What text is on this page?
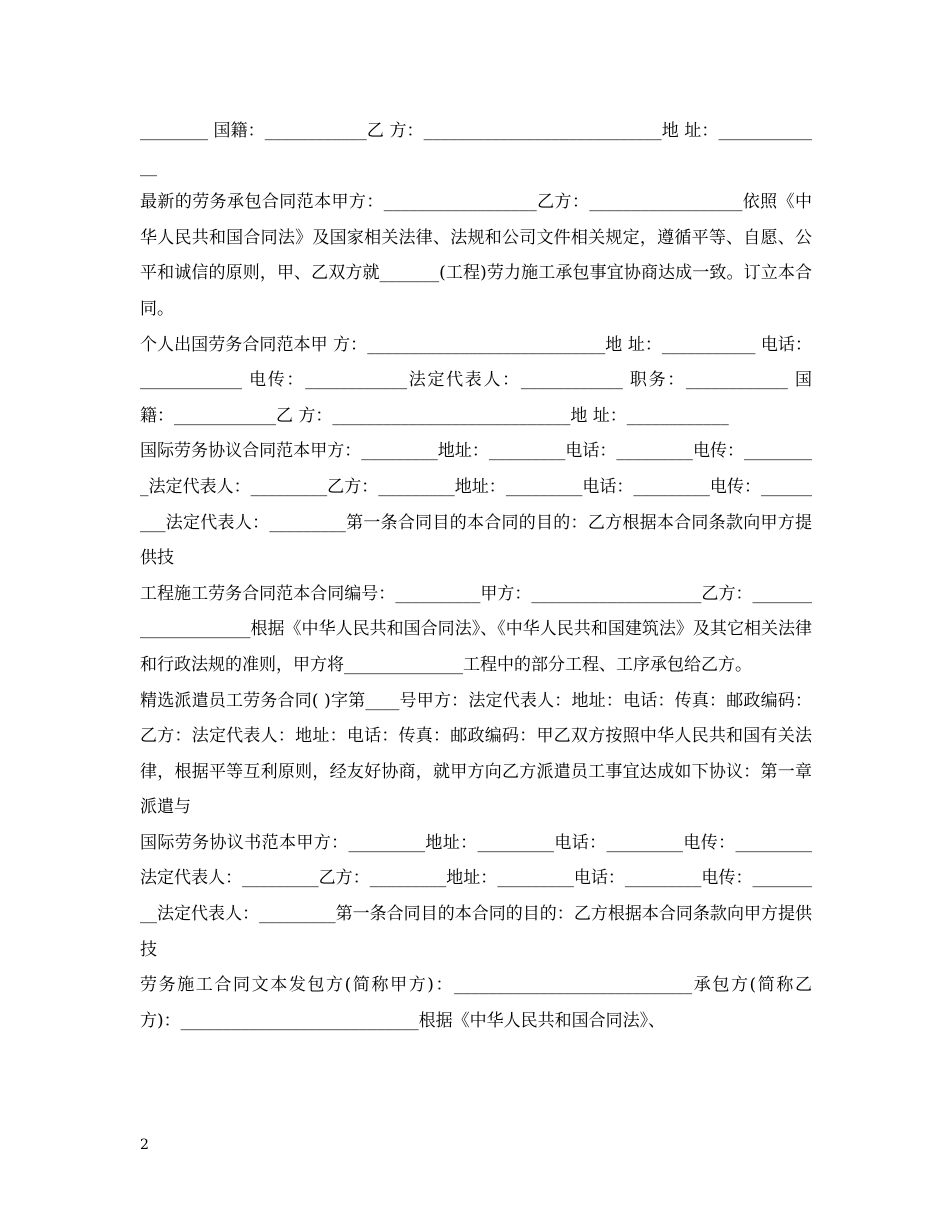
________ 国籍：____________乙 方：____________________________地 址：_____________

最新的劳务承包合同范本甲方：__________________乙方：__________________依照《中华人民共和国合同法》及国家相关法律、法规和公司文件相关规定，遵循平等、自愿、公平和诚信的原则，甲、乙双方就_______(工程)劳力施工承包事宜协商达成一致。订立本合同。

个人出国劳务合同范本甲 方：____________________________地 址：___________ 电话：____________ 电传：____________法定代表人：____________ 职务：____________ 国籍：____________乙 方：____________________________地 址：____________

国际劳务协议合同范本甲方：_________地址：_________电话：_________电传：_________法定代表人：_________乙方：_________地址：_________电话：_________电传：_________法定代表人：_________第一条合同目的本合同的目的：乙方根据本合同条款向甲方提供技

工程施工劳务合同范本合同编号：__________甲方：____________________乙方：____________________根据《中华人民共和国合同法》、《中华人民共和国建筑法》及其它相关法律和行政法规的准则，甲方将______________工程中的部分工程、工序承包给乙方。

精选派遣员工劳务合同( )字第____号甲方：法定代表人：地址：电话：传真：邮政编码：乙方：法定代表人：地址：电话：传真：邮政编码：甲乙双方按照中华人民共和国有关法律，根据平等互利原则，经友好协商，就甲方向乙方派遣员工事宜达成如下协议：第一章派遣与

国际劳务协议书范本甲方：_________地址：_________电话：_________电传：_________法定代表人：_________乙方：_________地址：_________电话：_________电传：_________法定代表人：_________第一条合同目的本合同的目的：乙方根据本合同条款向甲方提供技

劳务施工合同文本发包方(简称甲方)：____________________________承包方(简称乙方)：____________________________根据《中华人民共和国合同法》、

2
